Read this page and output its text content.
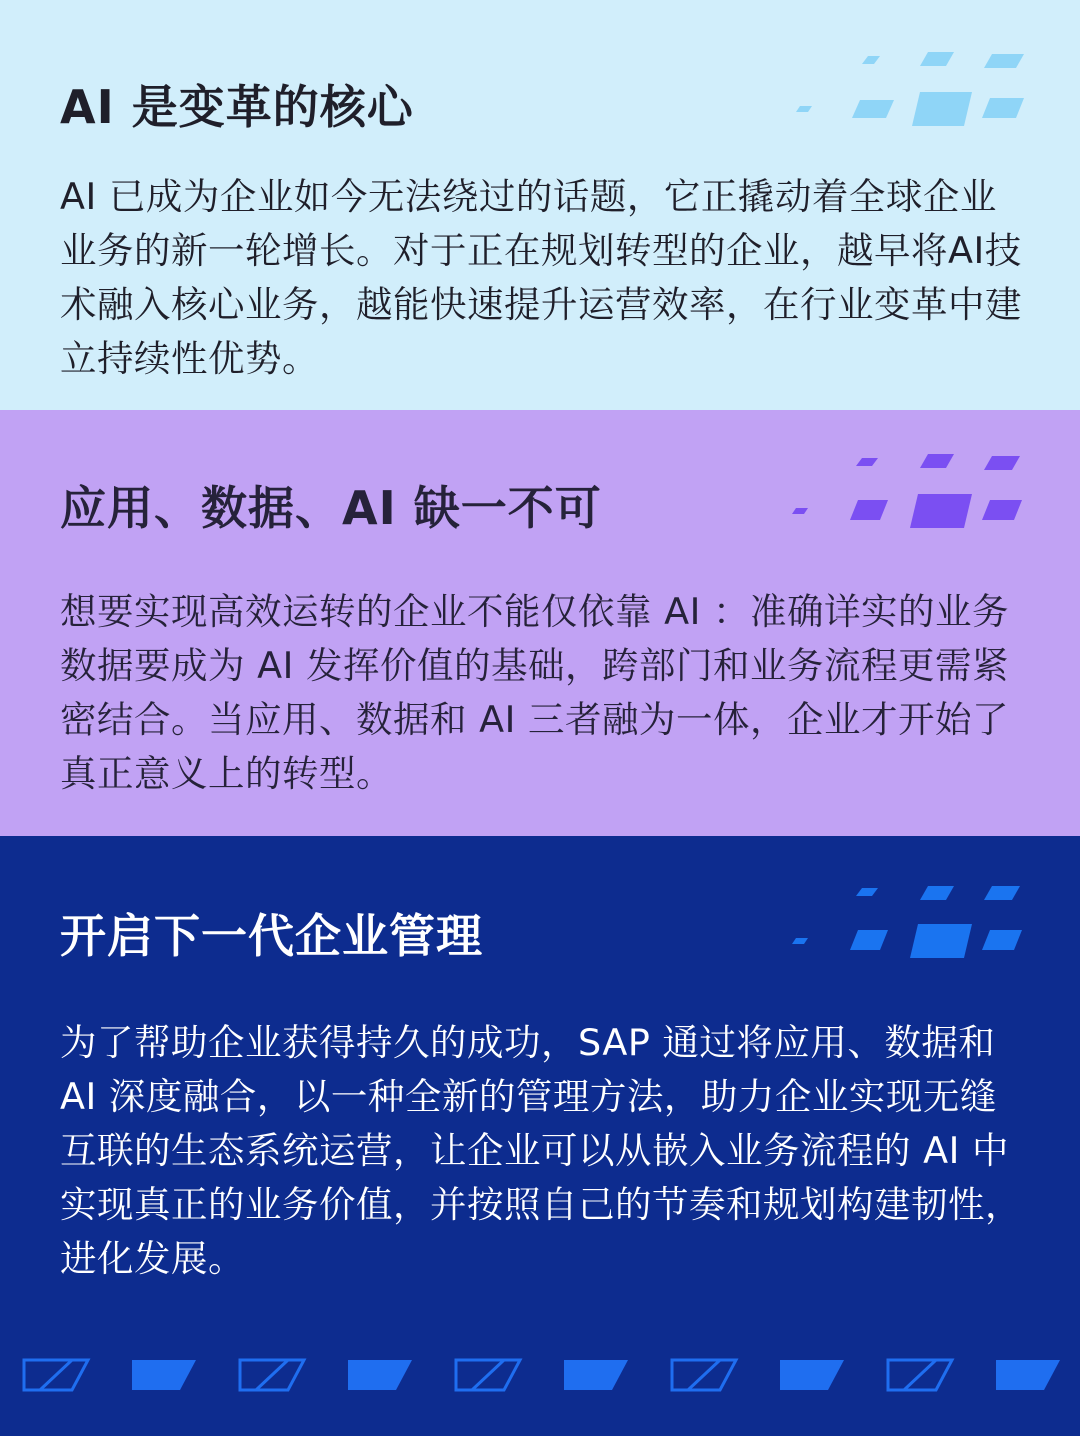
AI 是变革的核心
AI 已成为企业如今无法绕过的话题，它正撬动着全球企业业务的新一轮增长。对于正在规划转型的企业，越早将AI技术融入核心业务，越能快速提升运营效率，在行业变革中建立持续性优势。
应用、数据、AI 缺一不可
想要实现高效运转的企业不能仅依靠 AI ：准确详实的业务数据要成为 AI 发挥价值的基础，跨部门和业务流程更需紧密结合。当应用、数据和 AI 三者融为一体，企业才开始了真正意义上的转型。
开启下一代企业管理
为了帮助企业获得持久的成功，SAP 通过将应用、数据和 AI 深度融合，以一种全新的管理方法，助力企业实现无缝互联的生态系统运营，让企业可以从嵌入业务流程的 AI 中实现真正的业务价值，并按照自己的节奏和规划构建韧性，进化发展。
